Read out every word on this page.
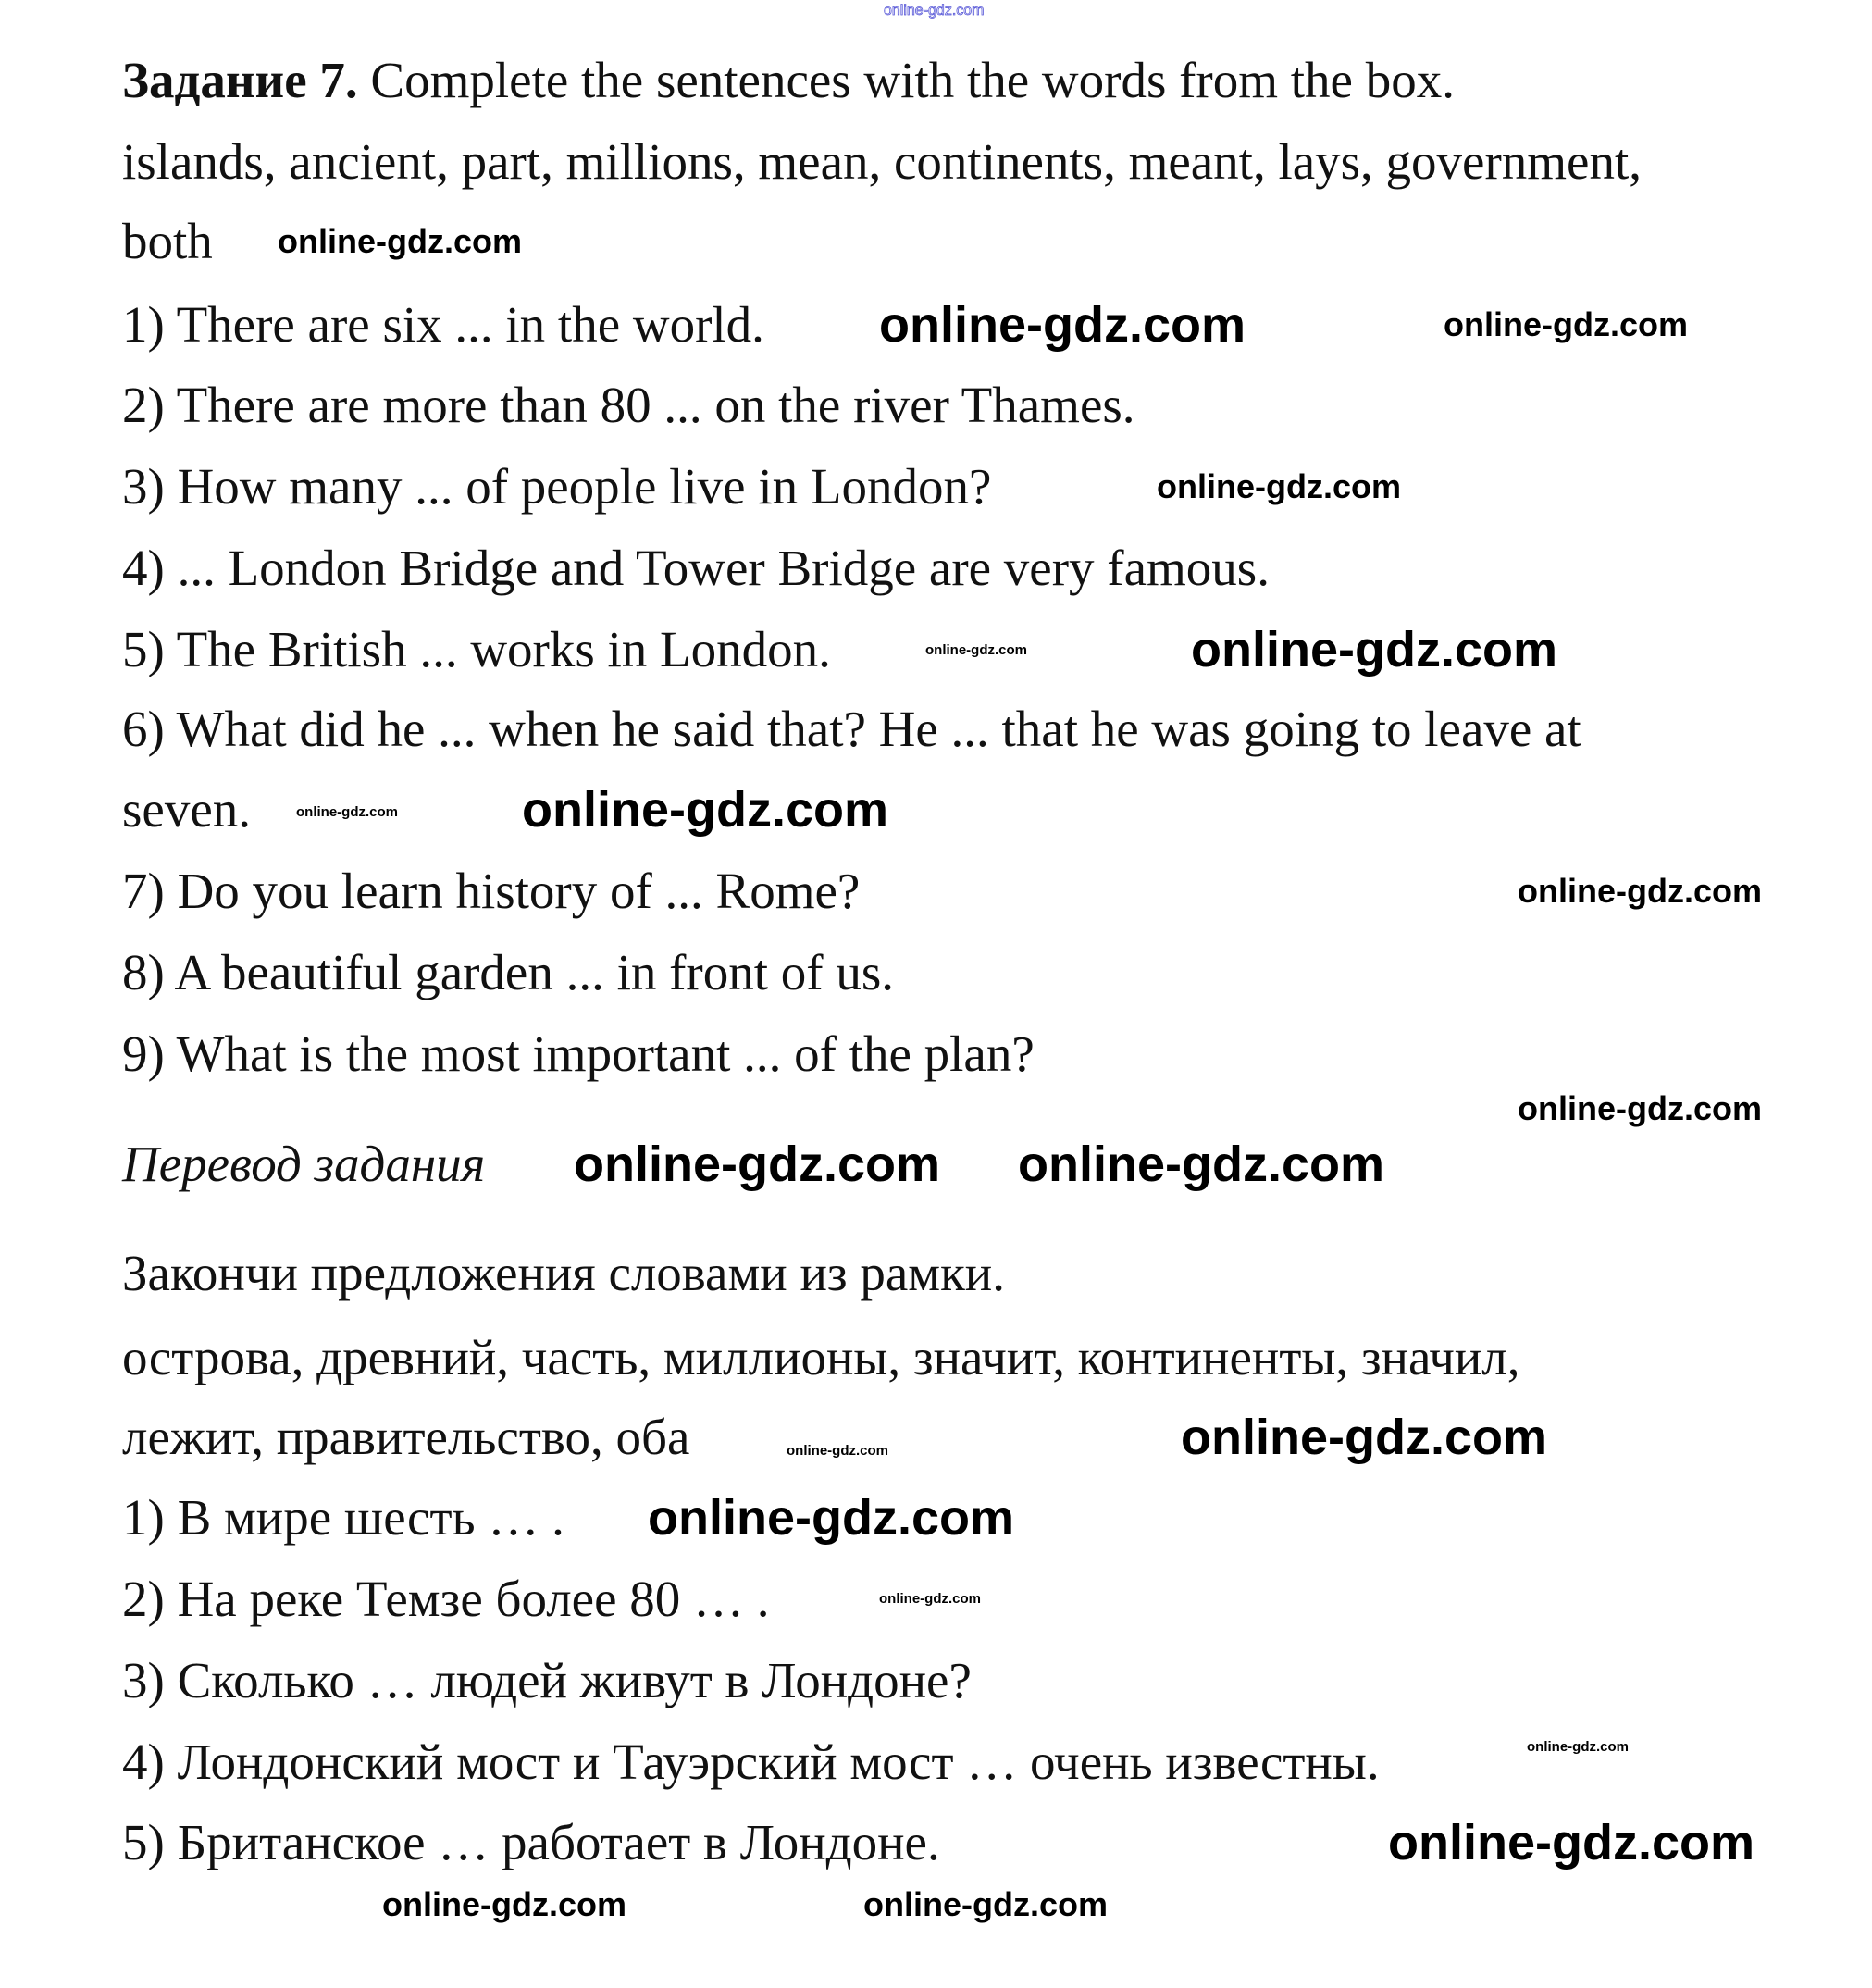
online-gdz.com
Задание 7. Complete the sentences with the words from the box.
islands, ancient, part, millions, mean, continents, meant, lays, government,
both
1) There are six ... in the world.
2) There are more than 80 ... on the river Thames.
3) How many ... of people live in London?
4) ... London Bridge and Tower Bridge are very famous.
5) The British ... works in London.
6) What did he ... when he said that? He ... that he was going to leave at
seven.
7) Do you learn history of ... Rome?
8) A beautiful garden ... in front of us.
9) What is the most important ... of the plan?
Перевод задания
Закончи предложения словами из рамки.
острова, древний, часть, миллионы, значит, континенты, значил,
лежит, правительство, оба
1) В мире шесть … .
2) На реке Темзе более 80 … .
3) Сколько … людей живут в Лондоне?
4) Лондонский мост и Тауэрский мост … очень известны.
5) Британское … работает в Лондоне.
online-gdz.com
online-gdz.com	online-gdz.com
online-gdz.com
online-gdz.com
online-gdz.com
online-gdz.com
online-gdz.com
online-gdz.com
online-gdz.com online-gdz.com
online-gdz.com
online-gdz.com
online-gdz.com
online-gdz.com
online-gdz.com
online-gdz.com
online-gdz.com	online-gdz.com
online-gdz.com
